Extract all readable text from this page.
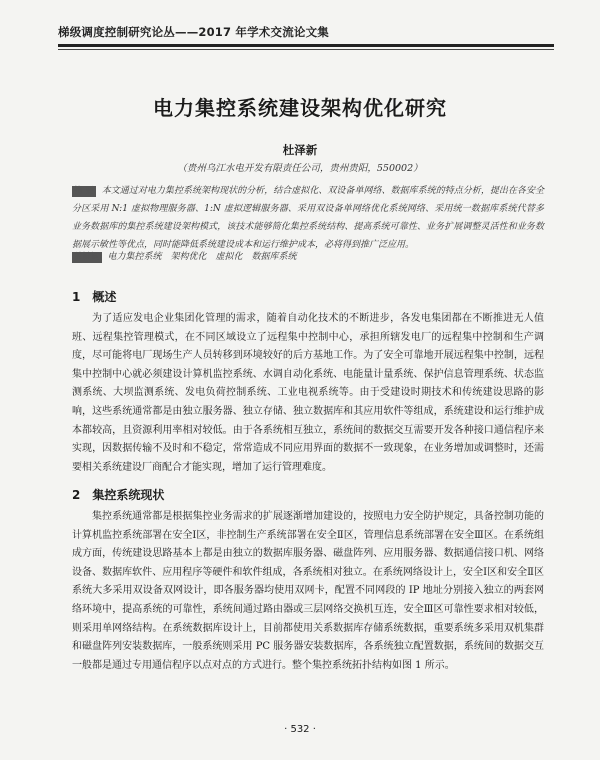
梯级调度控制研究论丛——2017 年学术交流论文集
电力集控系统建设架构优化研究
杜泽新
（贵州乌江水电开发有限责任公司，贵州贵阳，550002）
摘 要 本文通过对电力集控系统架构现状的分析，结合虚拟化、双设备单网络、数据库系统的特点分析，提出在各安全分区采用 N:1 虚拟物理服务器、1:N 虚拟逻辑服务器、采用双设备单网络优化系统网络、采用统一数据库系统代替多业务数据库的集控系统建设架构模式，该技术能够简化集控系统结构、提高系统可靠性、业务扩展调整灵活性和业务数据展示敏性等优点，同时能降低系统建设成本和运行维护成本，必将得到推广泛应用。
关键词 电力集控系统　架构优化　虚拟化　数据库系统
1　概述
为了适应发电企业集团化管理的需求，随着自动化技术的不断进步，各发电集团都在不断推进无人值班、远程集控管理模式，在不同区域设立了远程集中控制中心，承担所辖发电厂的远程集中控制和生产调度，尽可能将电厂现场生产人员转移到环境较好的后方基地工作。为了安全可靠地开展远程集中控制，远程集中控制中心就必须建设计算机监控系统、水调自动化系统、电能量计量系统、保护信息管理系统、状态监测系统、大坝监测系统、发电负荷控制系统、工业电视系统等。由于受建设时期技术和传统建设思路的影响，这些系统通常都是由独立服务器、独立存储、独立数据库和其应用软件等组成，系统建设和运行维护成本都较高，且资源利用率相对较低。由于各系统相互独立，系统间的数据交互需要开发各种接口通信程序来实现，因数据传输不及时和不稳定，常常造成不同应用界面的数据不一致现象，在业务增加或调整时，还需要相关系统建设厂商配合才能实现，增加了运行管理难度。
2　集控系统现状
集控系统通常都是根据集控业务需求的扩展逐渐增加建设的，按照电力安全防护规定，具备控制功能的计算机监控系统部署在安全Ⅰ区，非控制生产系统部署在安全Ⅱ区，管理信息系统部署在安全Ⅲ区。在系统组成方面，传统建设思路基本上都是由独立的数据库服务器、磁盘阵列、应用服务器、数据通信接口机、网络设备、数据库软件、应用程序等硬件和软件组成，各系统相对独立。在系统网络设计上，安全Ⅰ区和安全Ⅱ区系统大多采用双设备双网设计，即各服务器均使用双网卡，配置不同网段的 IP 地址分别接入独立的两套网络环境中，提高系统的可靠性，系统间通过路由器或三层网络交换机互连，安全Ⅲ区可靠性要求相对较低，则采用单网络结构。在系统数据库设计上，目前都使用关系数据库存储系统数据，重要系统多采用双机集群和磁盘阵列安装数据库，一般系统则采用 PC 服务器安装数据库，各系统独立配置数据，系统间的数据交互一般都是通过专用通信程序以点对点的方式进行。整个集控系统拓扑结构如图 1 所示。
· 532 ·
